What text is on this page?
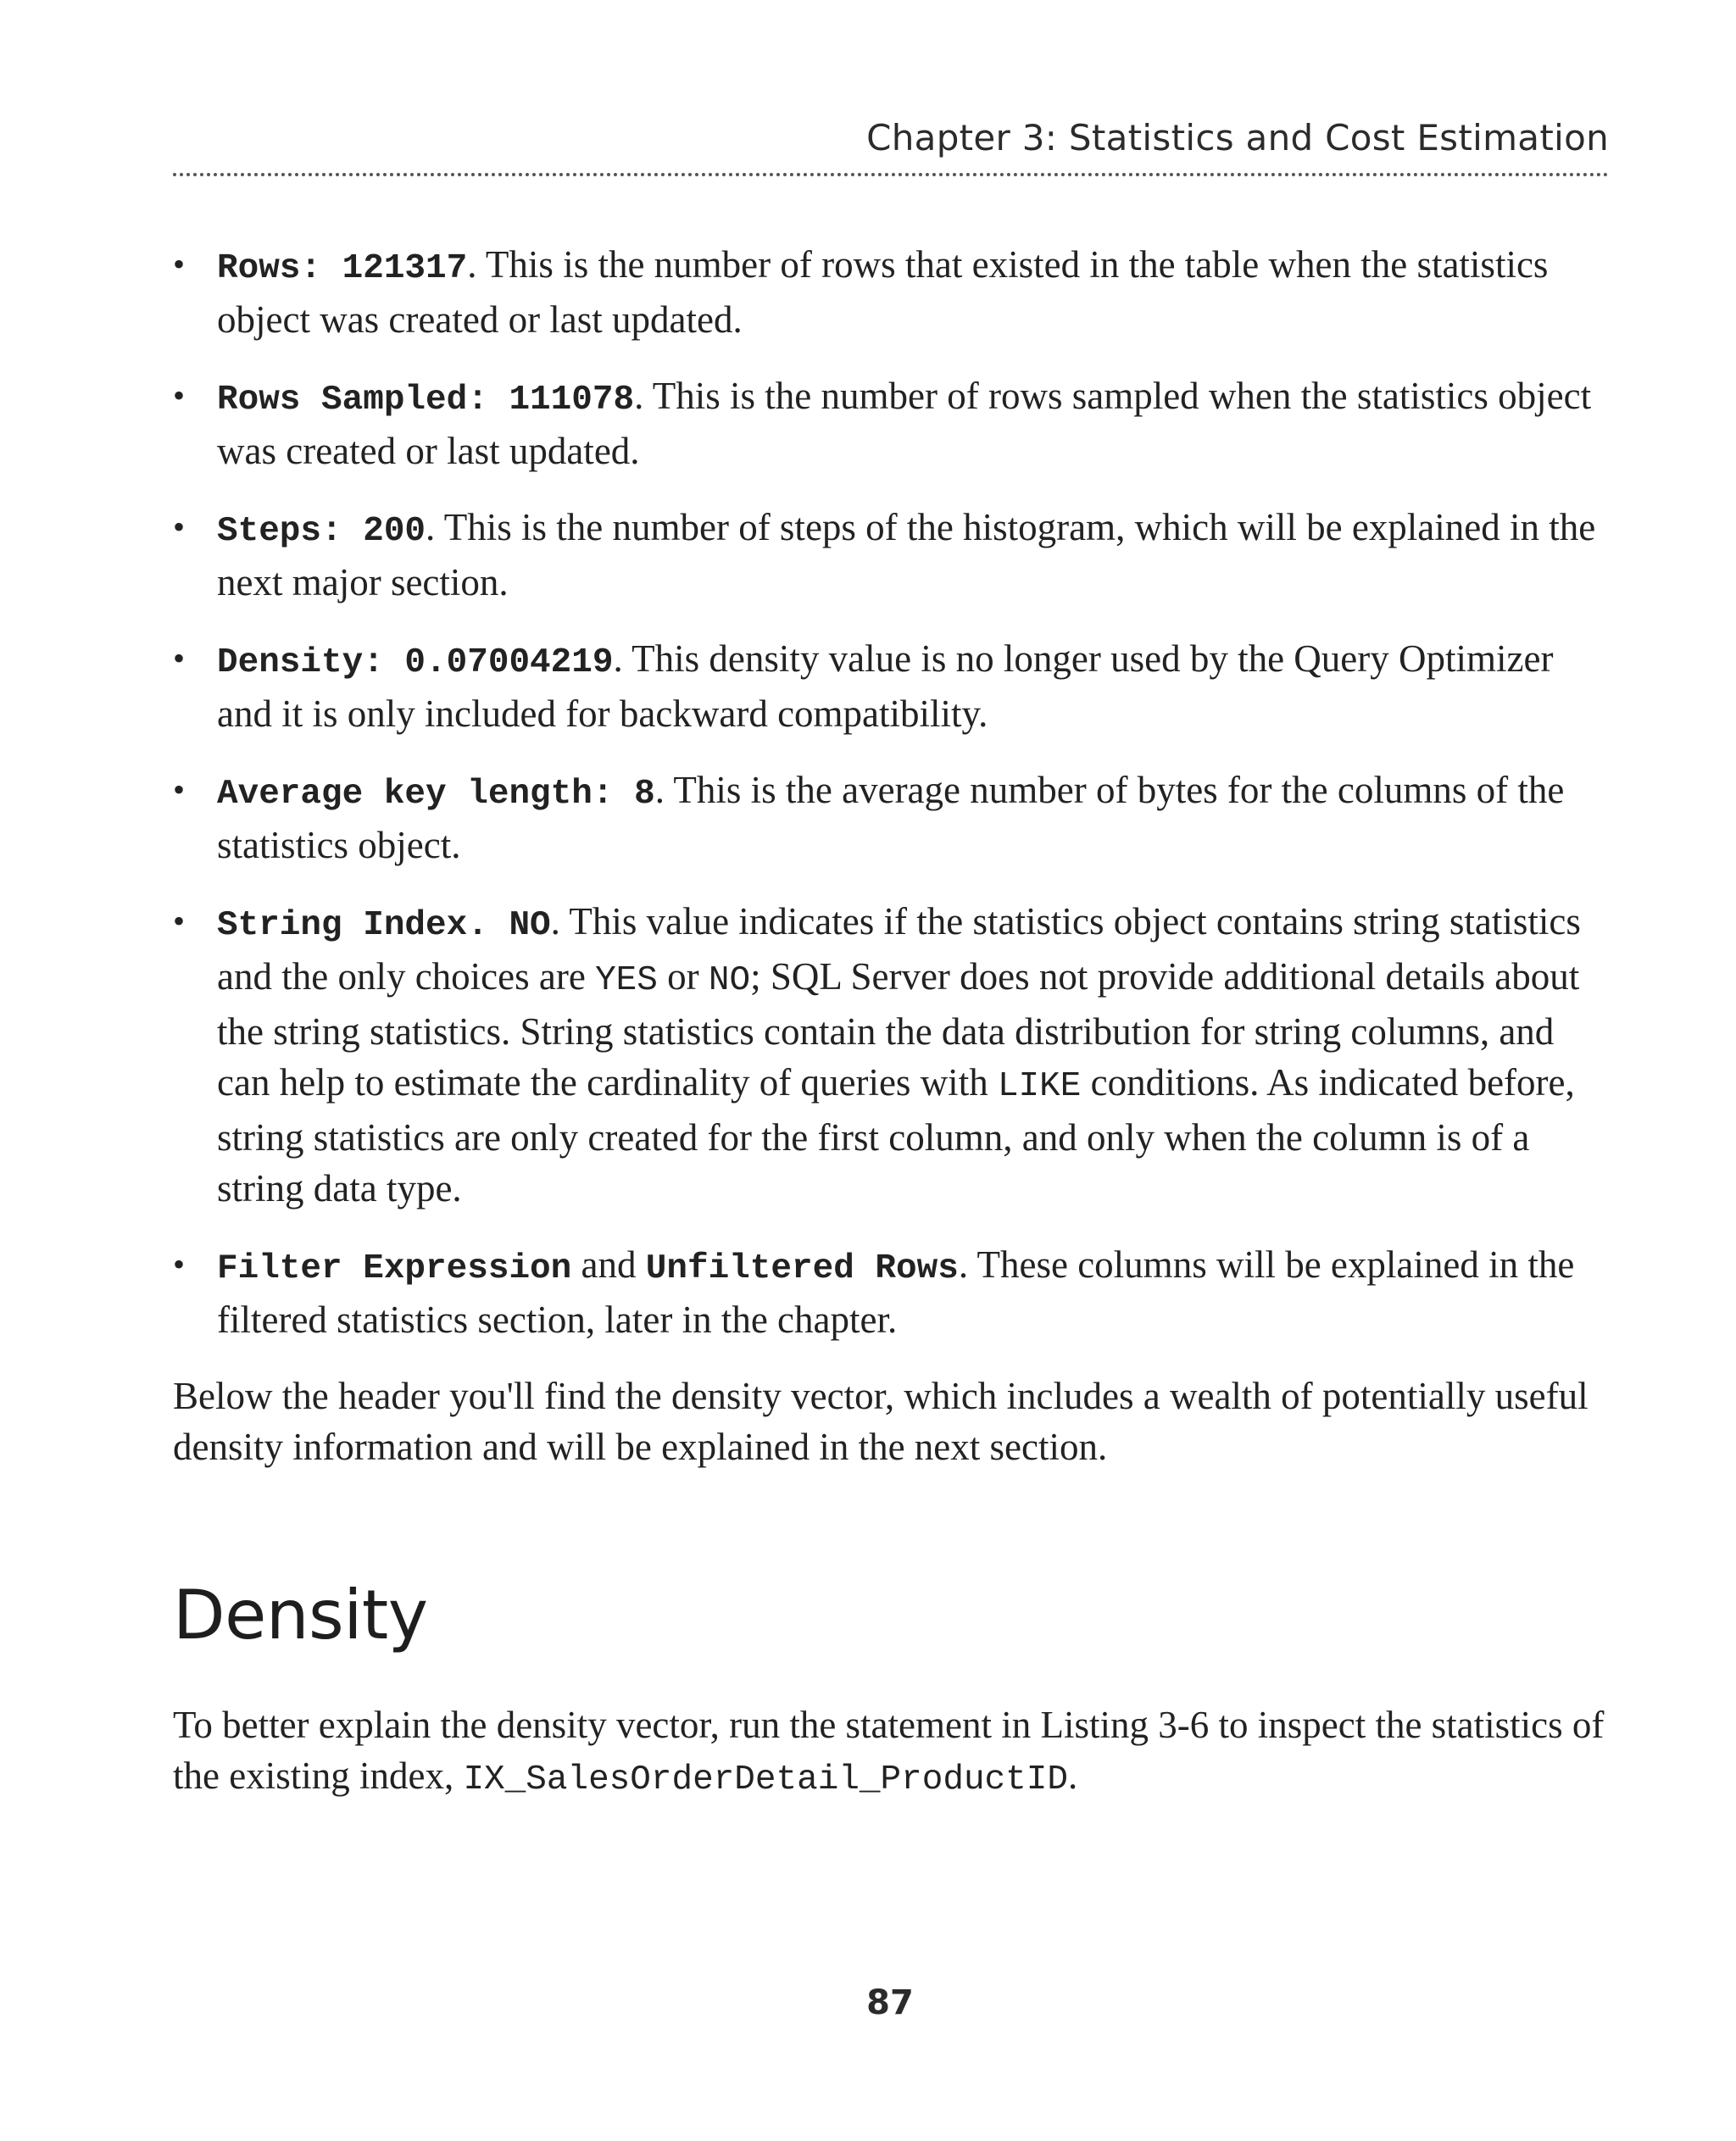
Chapter 3: Statistics and Cost Estimation
• Rows: 121317. This is the number of rows that existed in the table when the statistics object was created or last updated.
• Rows Sampled: 111078. This is the number of rows sampled when the statistics object was created or last updated.
• Steps: 200. This is the number of steps of the histogram, which will be explained in the next major section.
• Density: 0.07004219. This density value is no longer used by the Query Optimizer and it is only included for backward compatibility.
• Average key length: 8. This is the average number of bytes for the columns of the statistics object.
• String Index. NO. This value indicates if the statistics object contains string statistics and the only choices are YES or NO; SQL Server does not provide additional details about the string statistics. String statistics contain the data distribution for string columns, and can help to estimate the cardinality of queries with LIKE conditions. As indicated before, string statistics are only created for the first column, and only when the column is of a string data type.
• Filter Expression and Unfiltered Rows. These columns will be explained in the filtered statistics section, later in the chapter.

Below the header you'll find the density vector, which includes a wealth of potentially useful density information and will be explained in the next section.

Density

To better explain the density vector, run the statement in Listing 3-6 to inspect the statistics of the existing index, IX_SalesOrderDetail_ProductID.

87
